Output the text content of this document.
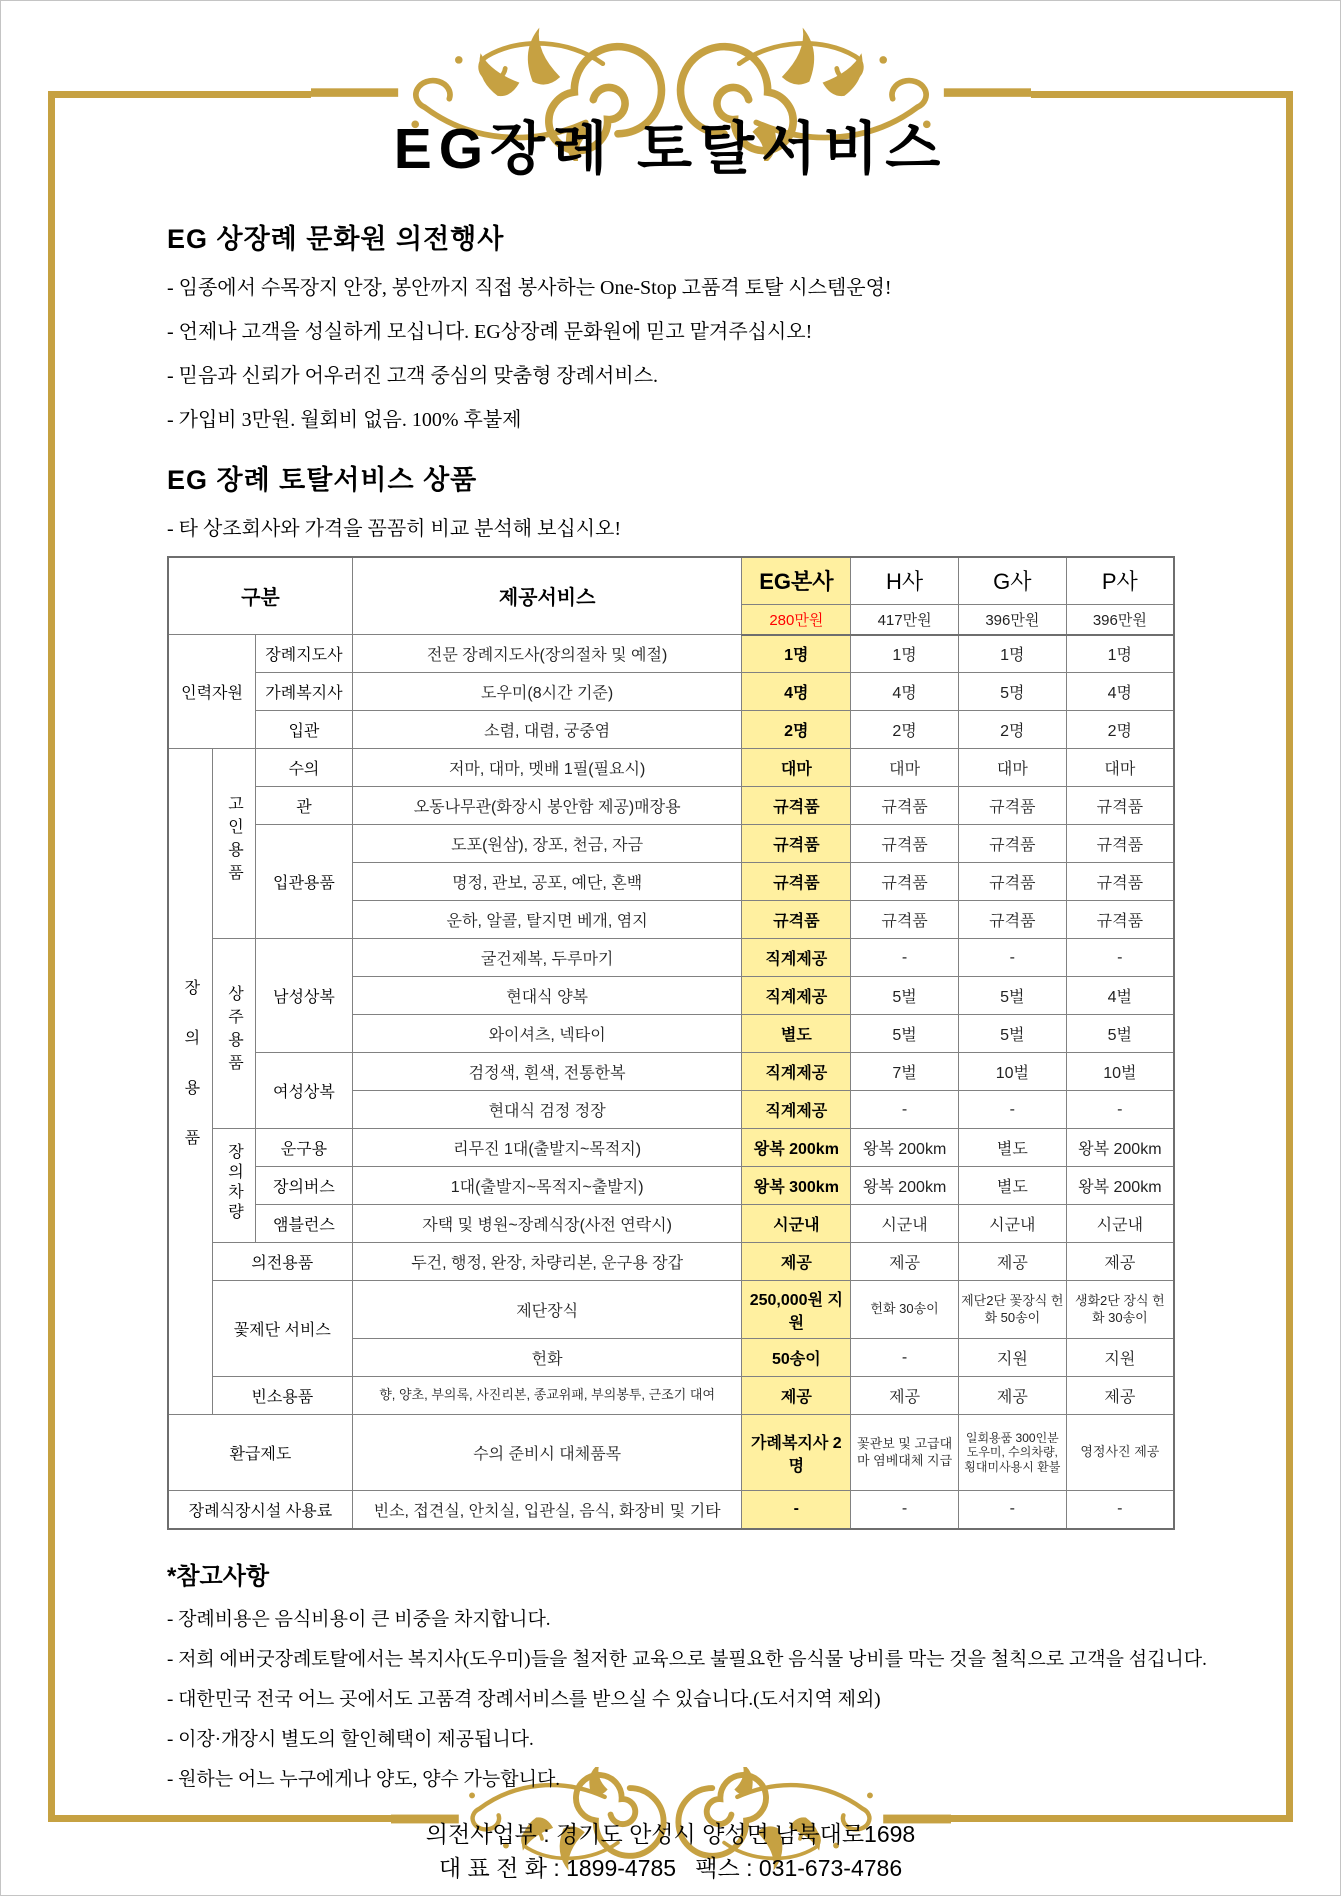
EG장례 토탈서비스
EG 상장례 문화원 의전행사
- 임종에서 수목장지 안장, 봉안까지 직접 봉사하는 One-Stop 고품격 토탈 시스템운영!
- 언제나 고객을 성실하게 모십니다. EG상장례 문화원에 믿고 맡겨주십시오!
- 믿음과 신뢰가 어우러진 고객 중심의 맞춤형 장례서비스.
- 가입비 3만원. 월회비 없음. 100% 후불제
EG 장례 토탈서비스 상품
- 타 상조회사와 가격을 꼼꼼히 비교 분석해 보십시오!
구분			제공서비스	EG본사	H사	G사	P사
				280만원	417만원	396만원	396만원
인력자원		장례지도사	전문 장례지도사(장의절차 및 예절)	1명	1명	1명	1명
		가례복지사	도우미(8시간 기준)	4명	4명	5명	4명
		입관	소렴, 대렴, 궁중염	2명	2명	2명	2명
장의용품	고인용품	수의	저마, 대마, 멧배 1필(필요시)	대마	대마	대마	대마
		관	오동나무관(화장시 봉안함 제공)매장용	규격품	규격품	규격품	규격품
		입관용품	도포(원삼), 장포, 천금, 자금	규격품	규격품	규격품	규격품
			명정, 관보, 공포, 예단, 혼백	규격품	규격품	규격품	규격품
			운하, 알콜, 탈지면 베개, 염지	규격품	규격품	규격품	규격품
	상주용품	남성상복	굴건제복, 두루마기	직계제공	-	-	-
			현대식 양복	직계제공	5벌	5벌	4벌
			와이셔츠, 넥타이	별도	5벌	5벌	5벌
		여성상복	검정색, 흰색, 전통한복	직계제공	7벌	10벌	10벌
			현대식 검정 정장	직계제공	-	-	-
	장의차량	운구용	리무진 1대(출발지~목적지)	왕복 200km	왕복 200km	별도	왕복 200km
		장의버스	1대(출발지~목적지~출발지)	왕복 300km	왕복 200km	별도	왕복 200km
		앰블런스	자택 및 병원~장례식장(사전 연락시)	시군내	시군내	시군내	시군내
	의전용품		두건, 행정, 완장, 차량리본, 운구용 장갑	제공	제공	제공	제공
	꽃제단 서비스		제단장식	250,000원 지원	헌화 30송이	제단2단 꽃장식 헌화 50송이	생화2단 장식 헌화 30송이
			헌화	50송이	-	지원	지원
	빈소용품		향, 양초, 부의록, 사진리본, 종교위패, 부의봉투, 근조기 대여	제공	제공	제공	제공
환급제도			수의 준비시 대체품목	가례복지사 2명	꽃관보 및 고급대마 염베대체 지급	일회용품 300인분 도우미, 수의차량, 횡대미사용시 환불	영정사진 제공
장례식장시설 사용료			빈소, 접견실, 안치실, 입관실, 음식, 화장비 및 기타	-	-	-	-
*참고사항
- 장례비용은 음식비용이 큰 비중을 차지합니다.
- 저희 에버굿장례토탈에서는 복지사(도우미)들을 철저한 교육으로 불필요한 음식물 낭비를 막는 것을 철칙으로 고객을 섬깁니다.
- 대한민국 전국 어느 곳에서도 고품격 장례서비스를 받으실 수 있습니다.(도서지역 제외)
- 이장·개장시 별도의 할인혜택이 제공됩니다.
- 원하는 어느 누구에게나 양도, 양수 가능합니다.
의전사업부 : 경기도 안성시 양성면 남북대로1698
대 표 전 화 : 1899-4785   팩스 : 031-673-4786
